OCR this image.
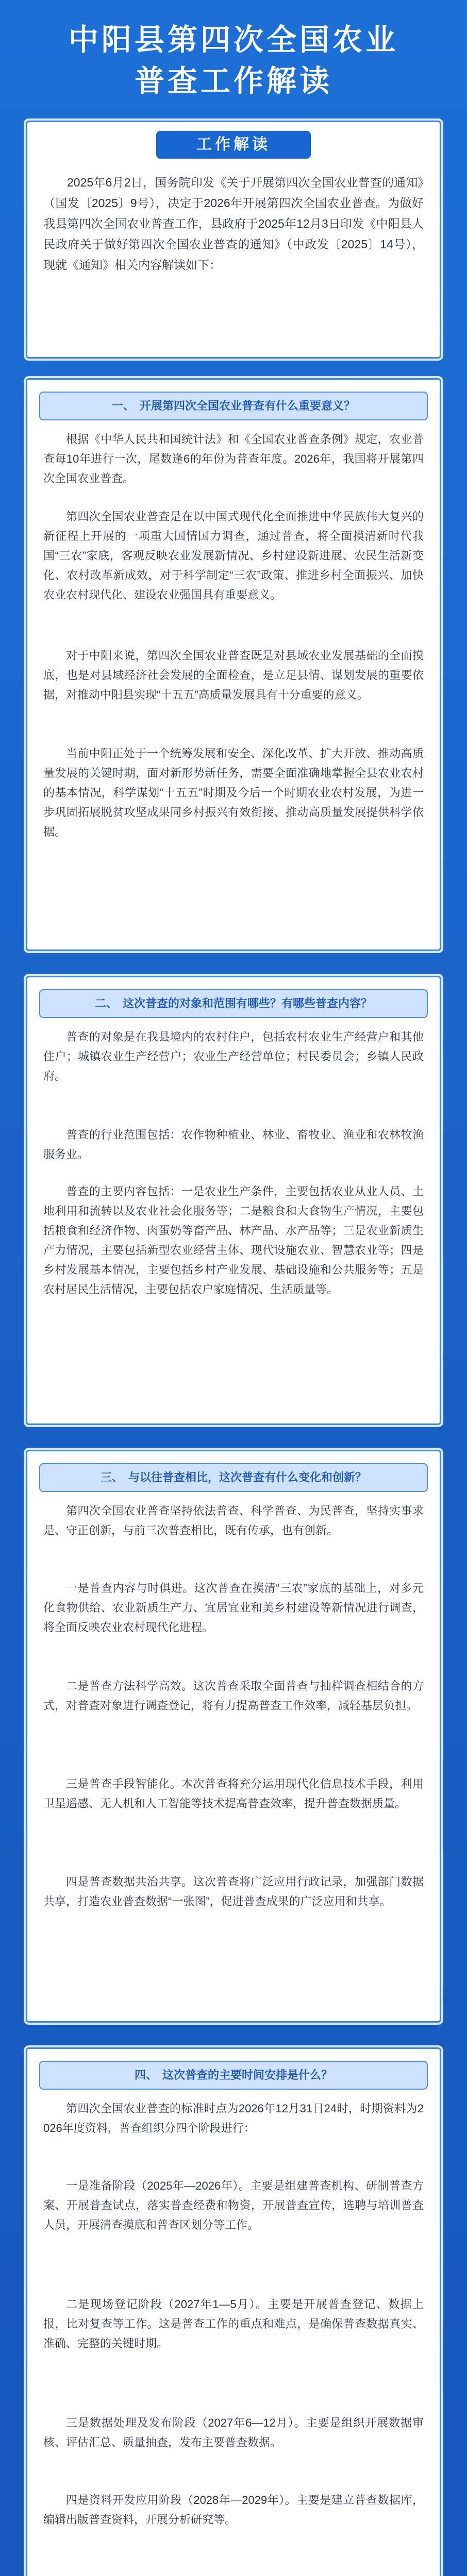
中阳县第四次全国农业
普查工作解读
工作解读
2025年6月2日，国务院印发《关于开展第四次全国农业普查的通知》（国发〔2025〕9号），决定于2026年开展第四次全国农业普查。为做好我县第四次全国农业普查工作，县政府于2025年12月3日印发《中阳县人民政府关于做好第四次全国农业普查的通知》（中政发〔2025〕14号），现就《通知》相关内容解读如下：
一、 开展第四次全国农业普查有什么重要意义？
根据《中华人民共和国统计法》和《全国农业普查条例》规定，农业普查每10年进行一次，尾数逢6的年份为普查年度。2026年，我国将开展第四次全国农业普查。
第四次全国农业普查是在以中国式现代化全面推进中华民族伟大复兴的新征程上开展的一项重大国情国力调查，通过普查，将全面摸清新时代我国“三农”家底，客观反映农业发展新情况、乡村建设新进展、农民生活新变化、农村改革新成效，对于科学制定“三农”政策、推进乡村全面振兴、加快农业农村现代化、建设农业强国具有重要意义。
对于中阳来说，第四次全国农业普查既是对县域农业发展基础的全面摸底，也是对县域经济社会发展的全面检查，是立足县情、谋划发展的重要依据，对推动中阳县实现“十五五”高质量发展具有十分重要的意义。
当前中阳正处于一个统筹发展和安全、深化改革、扩大开放、推动高质量发展的关键时期，面对新形势新任务，需要全面准确地掌握全县农业农村的基本情况，科学谋划“十五五”时期及今后一个时期农业农村发展，为进一步巩固拓展脱贫攻坚成果同乡村振兴有效衔接、推动高质量发展提供科学依据。
二、 这次普查的对象和范围有哪些？有哪些普查内容？
普查的对象是在我县境内的农村住户，包括农村农业生产经营户和其他住户；城镇农业生产经营户；农业生产经营单位；村民委员会；乡镇人民政府。
普查的行业范围包括：农作物种植业、林业、畜牧业、渔业和农林牧渔服务业。
普查的主要内容包括：一是农业生产条件，主要包括农业从业人员、土地利用和流转以及农业社会化服务等；二是粮食和大食物生产情况，主要包括粮食和经济作物、肉蛋奶等畜产品、林产品、水产品等；三是农业新质生产力情况，主要包括新型农业经营主体、现代设施农业、智慧农业等；四是乡村发展基本情况，主要包括乡村产业发展、基础设施和公共服务等；五是农村居民生活情况，主要包括农户家庭情况、生活质量等。
三、 与以往普查相比，这次普查有什么变化和创新？
第四次全国农业普查坚持依法普查、科学普查、为民普查，坚持实事求是、守正创新，与前三次普查相比，既有传承，也有创新。
一是普查内容与时俱进。这次普查在摸清“三农”家底的基础上，对多元化食物供给、农业新质生产力、宜居宜业和美乡村建设等新情况进行调查，将全面反映农业农村现代化进程。
二是普查方法科学高效。这次普查采取全面普查与抽样调查相结合的方式，对普查对象进行调查登记，将有力提高普查工作效率，减轻基层负担。
三是普查手段智能化。本次普查将充分运用现代化信息技术手段，利用卫星遥感、无人机和人工智能等技术提高普查效率，提升普查数据质量。
四是普查数据共治共享。这次普查将广泛应用行政记录，加强部门数据共享，打造农业普查数据“一张图”，促进普查成果的广泛应用和共享。
四、 这次普查的主要时间安排是什么？
第四次全国农业普查的标准时点为2026年12月31日24时，时期资料为2026年度资料，普查组织分四个阶段进行：
一是准备阶段（2025年—2026年）。主要是组建普查机构、研制普查方案、开展普查试点，落实普查经费和物资，开展普查宣传，选聘与培训普查人员，开展清查摸底和普查区划分等工作。
二是现场登记阶段（2027年1—5月）。主要是开展普查登记、数据上报，比对复查等工作。这是普查工作的重点和难点，是确保普查数据真实、准确、完整的关键时期。
三是数据处理及发布阶段（2027年6—12月）。主要是组织开展数据审核、评估汇总、质量抽查，发布主要普查数据。
四是资料开发应用阶段（2028年—2029年）。主要是建立普查数据库，编辑出版普查资料，开展分析研究等。
